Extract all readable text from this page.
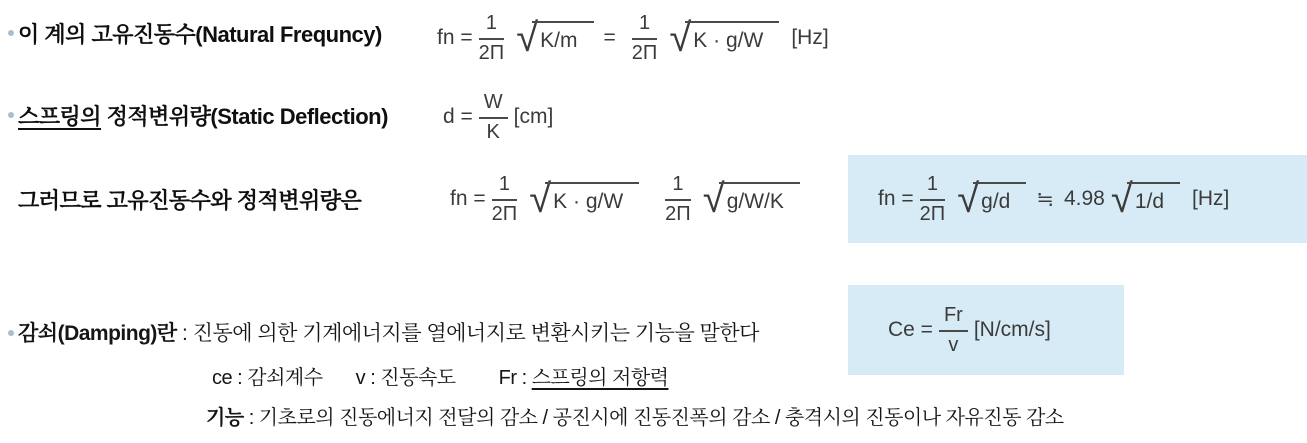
이 계의 고유진동수(Natural Frequncy)	fn = $\frac{1}{2\Pi}$ √ K/m	= $\frac{1}{2\Pi}$ √ K · g/W	[Hz]
스프링의 정적변위량(Static Deflection)	$d = \frac{W}{K} [cm]$
그러므로 고유진동수와 정적변위량은	fn = $\frac{1}{2\Pi}$ √ K · g/W	$\frac{1}{2\Pi}$ √ g/W/K	fn = $\frac{1}{2\Pi}$ √ g/d	≒ 4.98 √ 1/d	[Hz]
감쇠(Damping)란 : 진동에 의한 기계에너지를 열에너지로 변환시키는 기능을 말한다	$Ce = \frac{Fr}{v} [N/cm/s]$
ce : 감쇠계수 v : 진동속도 Fr : 스프링의 저항력
기능 : 기초로의 진동에너지 전달의 감소 / 공진시에 진동진폭의 감소 / 충격시의 진동이나 자유진동 감소
